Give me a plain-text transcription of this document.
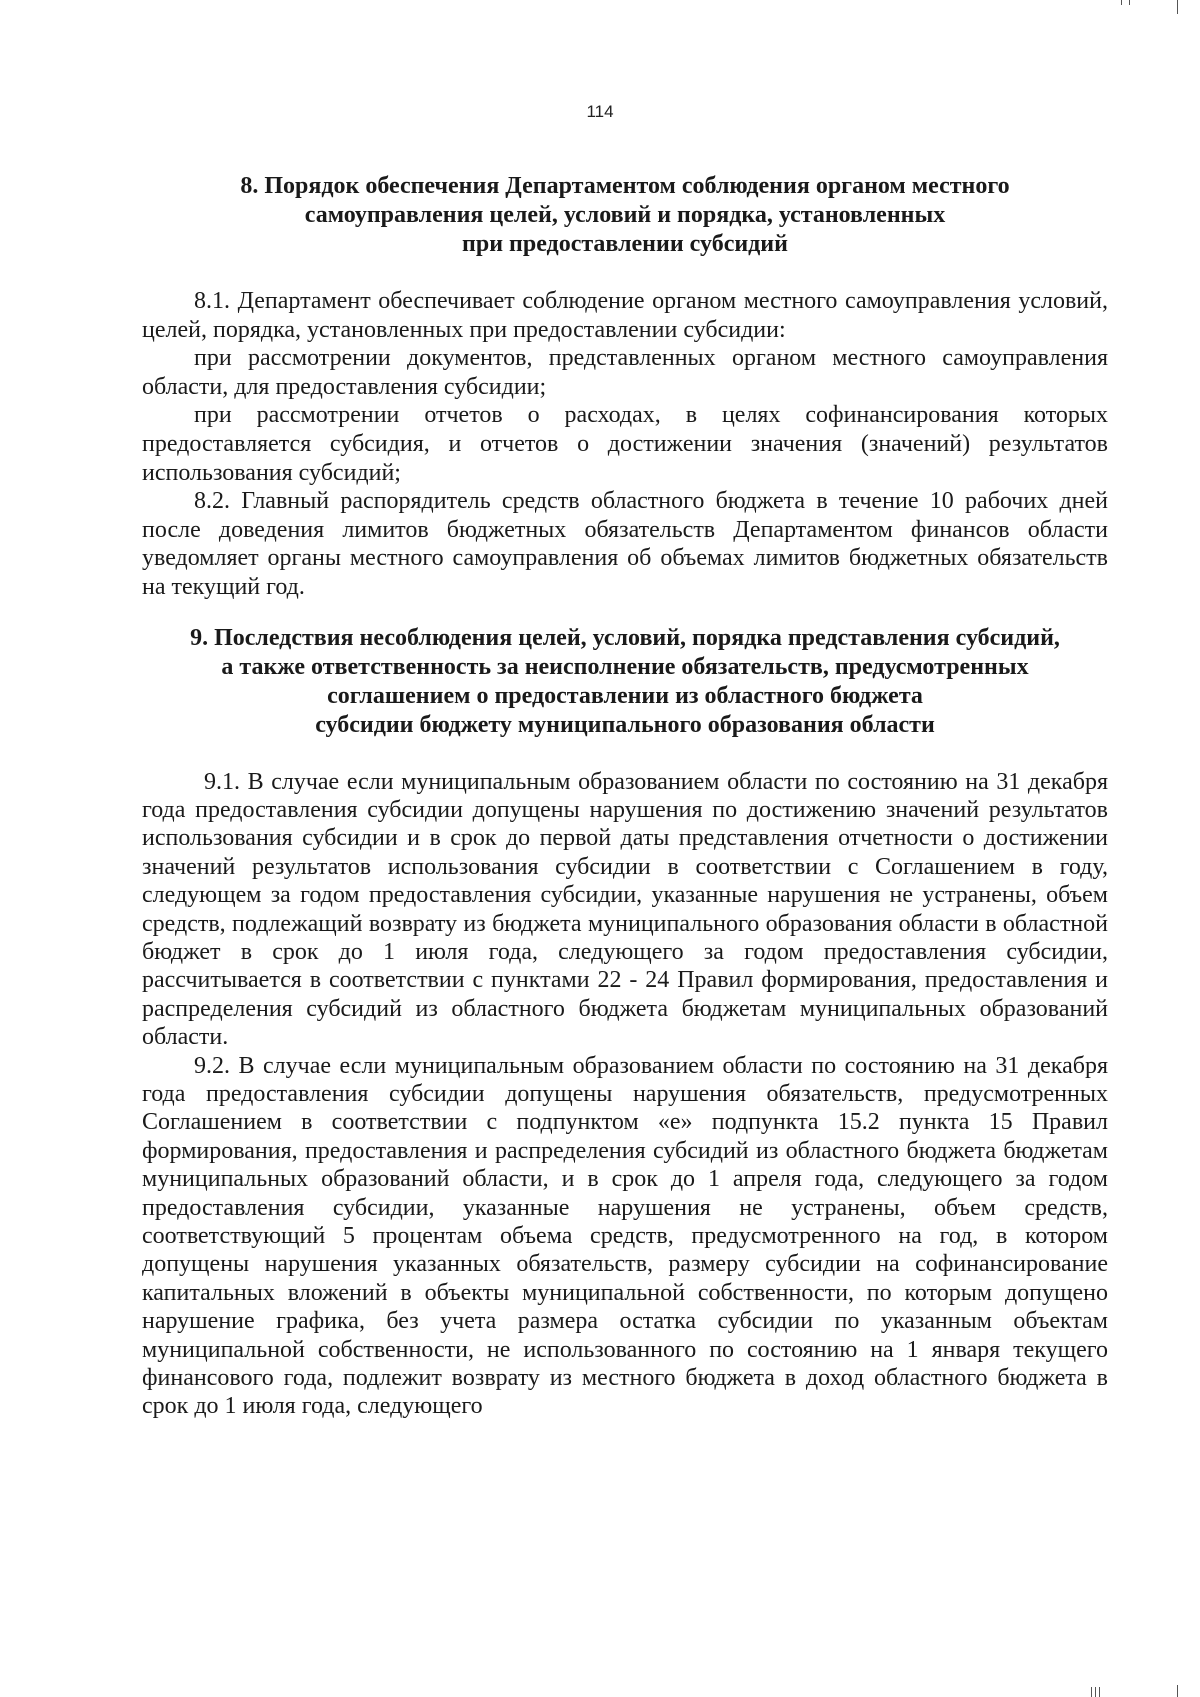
114
8. Порядок обеспечения Департаментом соблюдения органом местного
самоуправления целей, условий и порядка, установленных
при предоставлении субсидий

8.1. Департамент обеспечивает соблюдение органом местного самоуправления условий, целей, порядка, установленных при предоставлении субсидии:

при рассмотрении документов, представленных органом местного самоуправления области, для предоставления субсидии;

при рассмотрении отчетов о расходах, в целях софинансирования которых предоставляется субсидия, и отчетов о достижении значения (значений) результатов использования субсидий;

8.2. Главный распорядитель средств областного бюджета в течение 10 рабочих дней после доведения лимитов бюджетных обязательств Департаментом финансов области уведомляет органы местного самоуправления об объемах лимитов бюджетных обязательств на текущий год.

9. Последствия несоблюдения целей, условий, порядка представления субсидий,
а также ответственность за неисполнение обязательств, предусмотренных
соглашением о предоставлении из областного бюджета
субсидии бюджету муниципального образования области

9.1. В случае если муниципальным образованием области по состоянию на 31 декабря года предоставления субсидии допущены нарушения по достижению значений результатов использования субсидии и в срок до первой даты представления отчетности о достижении значений результатов использования субсидии в соответствии с Соглашением в году, следующем за годом предоставления субсидии, указанные нарушения не устранены, объем средств, подлежащий возврату из бюджета муниципального образования области в областной бюджет в срок до 1 июля года, следующего за годом предоставления субсидии, рассчитывается в соответствии с пунктами 22 - 24 Правил формирования, предоставления и распределения субсидий из областного бюджета бюджетам муниципальных образований области.

9.2. В случае если муниципальным образованием области по состоянию на 31 декабря года предоставления субсидии допущены нарушения обязательств, предусмотренных Соглашением в соответствии с подпунктом «е» подпункта 15.2 пункта 15 Правил формирования, предоставления и распределения субсидий из областного бюджета бюджетам муниципальных образований области, и в срок до 1 апреля года, следующего за годом предоставления субсидии, указанные нарушения не устранены, объем средств, соответствующий 5 процентам объема средств, предусмотренного на год, в котором допущены нарушения указанных обязательств, размеру субсидии на софинансирование капитальных вложений в объекты муниципальной собственности, по которым допущено нарушение графика, без учета размера остатка субсидии по указанным объектам муниципальной собственности, не использованного по состоянию на 1 января текущего финансового года, подлежит возврату из местного бюджета в доход областного бюджета в срок до 1 июля года, следующего
